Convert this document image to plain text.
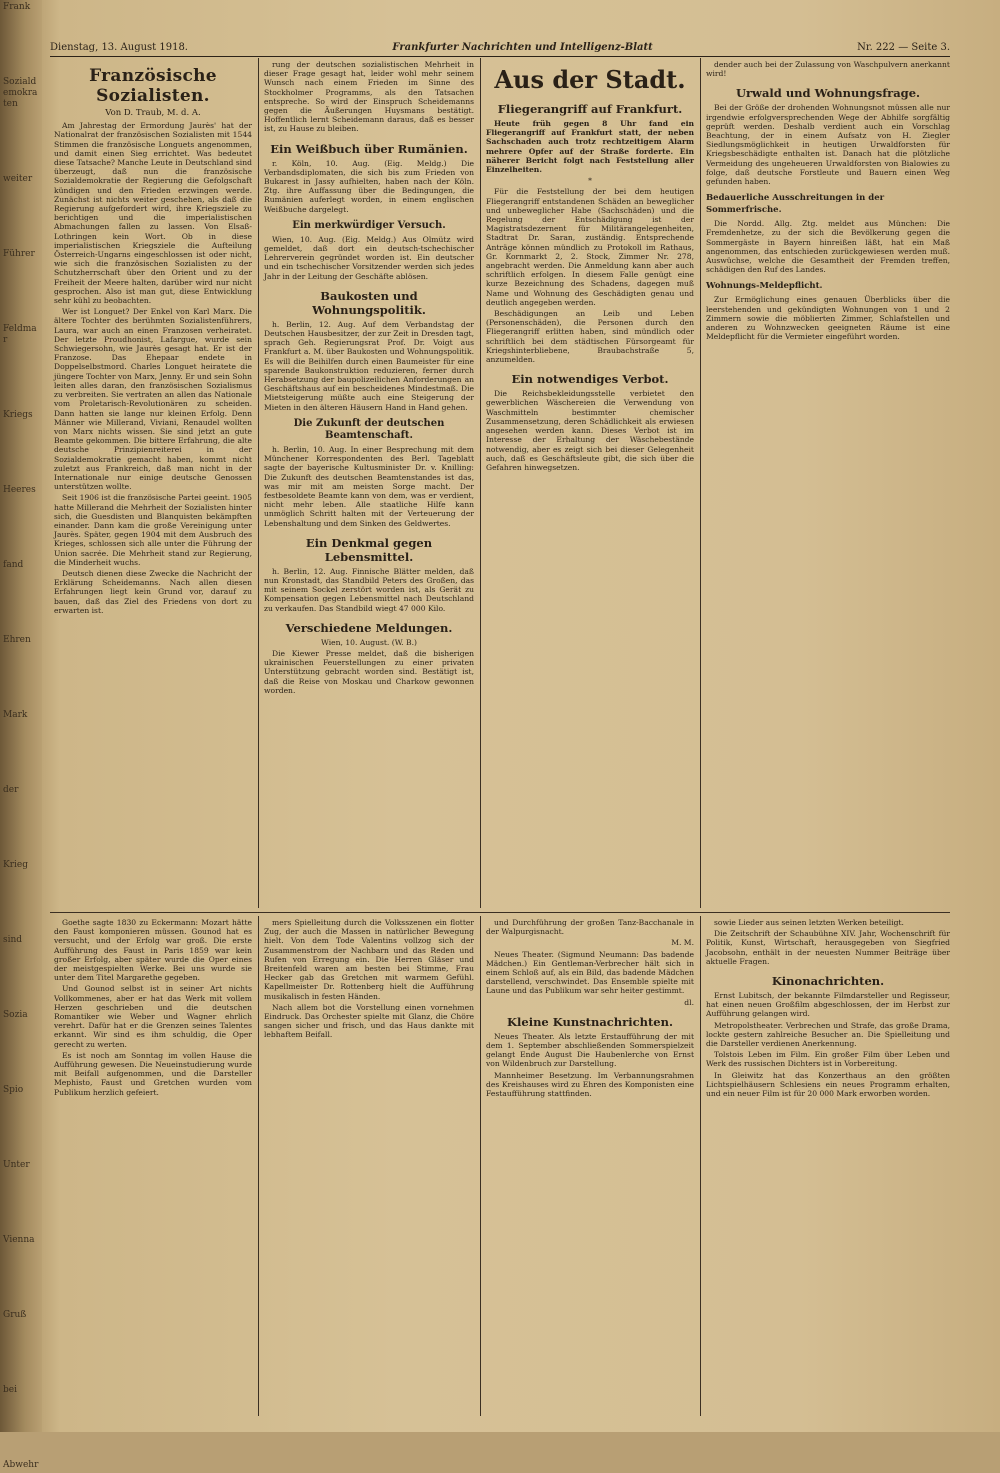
Frank

Sozialdemokraten

weiter

Führer

Feldmar

Kriegs

Heeres

fand

Ehren

Mark

der

Krieg

sind

Sozia

Spio

Unter

Vienna

Gruß

bei

Abwehr

Dienstag, 13. August 1918.	Frankfurter Nachrichten und Intelligenz-Blatt	Nr. 222 — Seite 3.
Französische Sozialisten.

Von D. Traub, M. d. A.

Am Jahrestag der Ermordung Jaurès' hat der Nationalrat der französischen Sozialisten mit 1544 Stimmen die französische Longuets angenommen, und damit einen Sieg errichtet. Was bedeutet diese Tatsache? Manche Leute in Deutschland sind überzeugt, daß nun die französische Sozialdemokratie der Regierung die Gefolgschaft kündigen und den Frieden erzwingen werde. Zunächst ist nichts weiter geschehen, als daß die Regierung aufgefordert wird, ihre Kriegsziele zu berichtigen und die imperialistischen Abmachungen fallen zu lassen. Von Elsaß-Lothringen kein Wort. Ob in diese imperialistischen Kriegsziele die Aufteilung Österreich-Ungarns eingeschlossen ist oder nicht, wie sich die französischen Sozialisten zu der Schutzherrschaft über den Orient und zu der Freiheit der Meere halten, darüber wird nur nicht gesprochen. Also ist man gut, diese Entwicklung sehr kühl zu beobachten.

Wer ist Longuet? Der Enkel von Karl Marx. Die ältere Tochter des berühmten Sozialistenführers, Laura, war auch an einen Franzosen verheiratet. Der letzte Proudhonist, Lafargue, wurde sein Schwiegersohn, wie Jaurès gesagt hat. Er ist der Franzose. Das Ehepaar endete in Doppelselbstmord. Charles Longuet heiratete die jüngere Tochter von Marx, Jenny. Er und sein Sohn leiten alles daran, den französischen Sozialismus zu verbreiten. Sie vertraten an allen das Nationale vom Proletarisch-Revolutionären zu scheiden. Dann hatten sie lange nur kleinen Erfolg. Denn Männer wie Millerand, Viviani, Renaudel wollten von Marx nichts wissen. Sie sind jetzt an gute Beamte gekommen. Die bittere Erfahrung, die alte deutsche Prinzipienreiterei in der Sozialdemokratie gemacht haben, kommt nicht zuletzt aus Frankreich, daß man nicht in der Internationale nur einige deutsche Genossen unterstützen wollte.

Seit 1906 ist die französische Partei geeint. 1905 hatte Millerand die Mehrheit der Sozialisten hinter sich, die Guesdisten und Blanquisten bekämpften einander. Dann kam die große Vereinigung unter Jaurès. Später, gegen 1904 mit dem Ausbruch des Krieges, schlossen sich alle unter die Führung der Union sacrée. Die Mehrheit stand zur Regierung, die Minderheit wuchs.

Deutsch dienen diese Zwecke die Nachricht der Erklärung Scheidemanns. Nach allen diesen Erfahrungen liegt kein Grund vor, darauf zu bauen, daß das Ziel des Friedens von dort zu erwarten ist.

rung der deutschen sozialistischen Mehrheit in dieser Frage gesagt hat, leider wohl mehr seinem Wunsch nach einem Frieden im Sinne des Stockholmer Programms, als den Tatsachen entspreche. So wird der Einspruch Scheidemanns gegen die Äußerungen Huysmans bestätigt. Hoffentlich lernt Scheidemann daraus, daß es besser ist, zu Hause zu bleiben.

Ein Weißbuch über Rumänien.

r. Köln, 10. Aug. (Eig. Meldg.) Die Verbandsdiplomaten, die sich bis zum Frieden von Bukarest in Jassy aufhielten, haben nach der Köln. Ztg. ihre Auffassung über die Bedingungen, die Rumänien auferlegt worden, in einem englischen Weißbuche dargelegt.

Ein merkwürdiger Versuch.

Wien, 10. Aug. (Eig. Meldg.) Aus Olmütz wird gemeldet, daß dort ein deutsch-tschechischer Lehrerverein gegründet worden ist. Ein deutscher und ein tschechischer Vorsitzender werden sich jedes Jahr in der Leitung der Geschäfte ablösen.

Baukosten und Wohnungspolitik.

h. Berlin, 12. Aug. Auf dem Verbandstag der Deutschen Hausbesitzer, der zur Zeit in Dresden tagt, sprach Geh. Regierungsrat Prof. Dr. Voigt aus Frankfurt a. M. über Baukosten und Wohnungspolitik. Es will die Beihilfen durch einen Baumeister für eine sparende Baukonstruktion reduzieren, ferner durch Herabsetzung der baupolizeilichen Anforderungen an Geschäftshaus auf ein bescheidenes Mindestmaß. Die Mietsteigerung müßte auch eine Steigerung der Mieten in den älteren Häusern Hand in Hand gehen.

Die Zukunft der deutschen Beamtenschaft.

h. Berlin, 10. Aug. In einer Besprechung mit dem Münchener Korrespondenten des Berl. Tageblatt sagte der bayerische Kultusminister Dr. v. Knilling: Die Zukunft des deutschen Beamtenstandes ist das, was mir mit am meisten Sorge macht. Der festbesoldete Beamte kann von dem, was er verdient, nicht mehr leben. Alle staatliche Hilfe kann unmöglich Schritt halten mit der Verteuerung der Lebenshaltung und dem Sinken des Geldwertes.

Ein Denkmal gegen Lebensmittel.

h. Berlin, 12. Aug. Finnische Blätter melden, daß nun Kronstadt, das Standbild Peters des Großen, das mit seinem Sockel zerstört worden ist, als Gerät zu Kompensation gegen Lebensmittel nach Deutschland zu verkaufen. Das Standbild wiegt 47 000 Kilo.

Verschiedene Meldungen.

Wien, 10. August. (W. B.)

Die Kiewer Presse meldet, daß die bisherigen ukrainischen Feuerstellungen zu einer privaten Unterstützung gebracht worden sind. Bestätigt ist, daß die Reise von Moskau und Charkow gewonnen worden.

Aus der Stadt.
Fliegerangriff auf Frankfurt.

Heute früh gegen 8 Uhr fand ein Fliegerangriff auf Frankfurt statt, der neben Sachschaden auch trotz rechtzeitigem Alarm mehrere Opfer auf der Straße forderte. Ein näherer Bericht folgt nach Feststellung aller Einzelheiten.

*

Für die Feststellung der bei dem heutigen Fliegerangriff entstandenen Schäden an beweglicher und unbeweglicher Habe (Sachschäden) und die Regelung der Entschädigung ist der Magistratsdezernent für Militärangelegenheiten, Stadtrat Dr. Saran, zuständig. Entsprechende Anträge können mündlich zu Protokoll im Rathaus, Gr. Kornmarkt 2, 2. Stock, Zimmer Nr. 278, angebracht werden. Die Anmeldung kann aber auch schriftlich erfolgen. In diesem Falle genügt eine kurze Bezeichnung des Schadens, dagegen muß Name und Wohnung des Geschädigten genau und deutlich angegeben werden.

Beschädigungen an Leib und Leben (Personenschäden), die Personen durch den Fliegerangriff erlitten haben, sind mündlich oder schriftlich bei dem städtischen Fürsorgeamt für Kriegshinterbliebene, Braubachstraße 5, anzumelden.

Ein notwendiges Verbot.

Die Reichsbekleidungsstelle verbietet den gewerblichen Wäschereien die Verwendung von Waschmitteln bestimmter chemischer Zusammensetzung, deren Schädlichkeit als erwiesen angesehen werden kann. Dieses Verbot ist im Interesse der Erhaltung der Wäschebestände notwendig, aber es zeigt sich bei dieser Gelegenheit auch, daß es Geschäftsleute gibt, die sich über die Gefahren hinwegsetzen.

dender auch bei der Zulassung von Waschpulvern anerkannt wird!

Urwald und Wohnungsfrage.

Bei der Größe der drohenden Wohnungsnot müssen alle nur irgendwie erfolgversprechenden Wege der Abhilfe sorgfältig geprüft werden. Deshalb verdient auch ein Vorschlag Beachtung, der in einem Aufsatz von H. Ziegler Siedlungsmöglichkeit in heutigen Urwaldforsten für Kriegsbeschädigte enthalten ist. Danach hat die plötzliche Vermeidung des ungeheueren Urwaldforsten von Bialowies zu folge, daß deutsche Forstleute und Bauern einen Weg gefunden haben.

Bedauerliche Ausschreitungen in der Sommerfrische.

Die Nordd. Allg. Ztg. meldet aus München: Die Fremdenhetze, zu der sich die Bevölkerung gegen die Sommergäste in Bayern hinreißen läßt, hat ein Maß angenommen, das entschieden zurückgewiesen werden muß. Auswüchse, welche die Gesamtheit der Fremden treffen, schädigen den Ruf des Landes.

Wohnungs-Meldepflicht.

Zur Ermöglichung eines genauen Überblicks über die leerstehenden und gekündigten Wohnungen von 1 und 2 Zimmern sowie die möblierten Zimmer, Schlafstellen und anderen zu Wohnzwecken geeigneten Räume ist eine Meldepflicht für die Vermieter eingeführt worden.

Goethe sagte 1830 zu Eckermann: Mozart hätte den Faust komponieren müssen. Gounod hat es versucht, und der Erfolg war groß. Die erste Aufführung des Faust in Paris 1859 war kein großer Erfolg, aber später wurde die Oper eines der meistgespielten Werke. Bei uns wurde sie unter dem Titel Margarethe gegeben.

Und Gounod selbst ist in seiner Art nichts Vollkommenes, aber er hat das Werk mit vollem Herzen geschrieben und die deutschen Romantiker wie Weber und Wagner ehrlich verehrt. Dafür hat er die Grenzen seines Talentes erkannt. Wir sind es ihm schuldig, die Oper gerecht zu werten.

Es ist noch am Sonntag im vollen Hause die Aufführung gewesen. Die Neueinstudierung wurde mit Beifall aufgenommen, und die Darsteller Mephisto, Faust und Gretchen wurden vom Publikum herzlich gefeiert.

mers Spielleitung durch die Volksszenen ein flotter Zug, der auch die Massen in natürlicher Bewegung hielt. Von dem Tode Valentins vollzog sich der Zusammenstrom der Nachbarn und das Reden und Rufen von Erregung ein. Die Herren Gläser und Breitenfeld waren am besten bei Stimme, Frau Hecker gab das Gretchen mit warmem Gefühl. Kapellmeister Dr. Rottenberg hielt die Aufführung musikalisch in festen Händen.

Nach allem bot die Vorstellung einen vornehmen Eindruck. Das Orchester spielte mit Glanz, die Chöre sangen sicher und frisch, und das Haus dankte mit lebhaftem Beifall.

und Durchführung der großen Tanz-Bacchanale in der Walpurgisnacht.

M. M.

Neues Theater. (Sigmund Neumann: Das badende Mädchen.) Ein Gentleman-Verbrecher hält sich in einem Schloß auf, als ein Bild, das badende Mädchen darstellend, verschwindet. Das Ensemble spielte mit Laune und das Publikum war sehr heiter gestimmt.

dl.

Kleine Kunstnachrichten.

Neues Theater. Als letzte Erstaufführung der mit dem 1. September abschließenden Sommerspielzeit gelangt Ende August Die Haubenlerche von Ernst von Wildenbruch zur Darstellung.

Mannheimer Besetzung. Im Verbannungsrahmen des Kreishauses wird zu Ehren des Komponisten eine Festaufführung stattfinden.

sowie Lieder aus seinen letzten Werken beteiligt.

Die Zeitschrift der Schaubühne XIV. Jahr, Wochenschrift für Politik, Kunst, Wirtschaft, herausgegeben von Siegfried Jacobsohn, enthält in der neuesten Nummer Beiträge über aktuelle Fragen.

Kinonachrichten.

Ernst Lubitsch, der bekannte Filmdarsteller und Regisseur, hat einen neuen Großfilm abgeschlossen, der im Herbst zur Aufführung gelangen wird.

Metropolstheater. Verbrechen und Strafe, das große Drama, lockte gestern zahlreiche Besucher an. Die Spielleitung und die Darsteller verdienen Anerkennung.

Tolstois Leben im Film. Ein großer Film über Leben und Werk des russischen Dichters ist in Vorbereitung.

In Gleiwitz hat das Konzerthaus an den größten Lichtspielhäusern Schlesiens ein neues Programm erhalten, und ein neuer Film ist für 20 000 Mark erworben worden.
